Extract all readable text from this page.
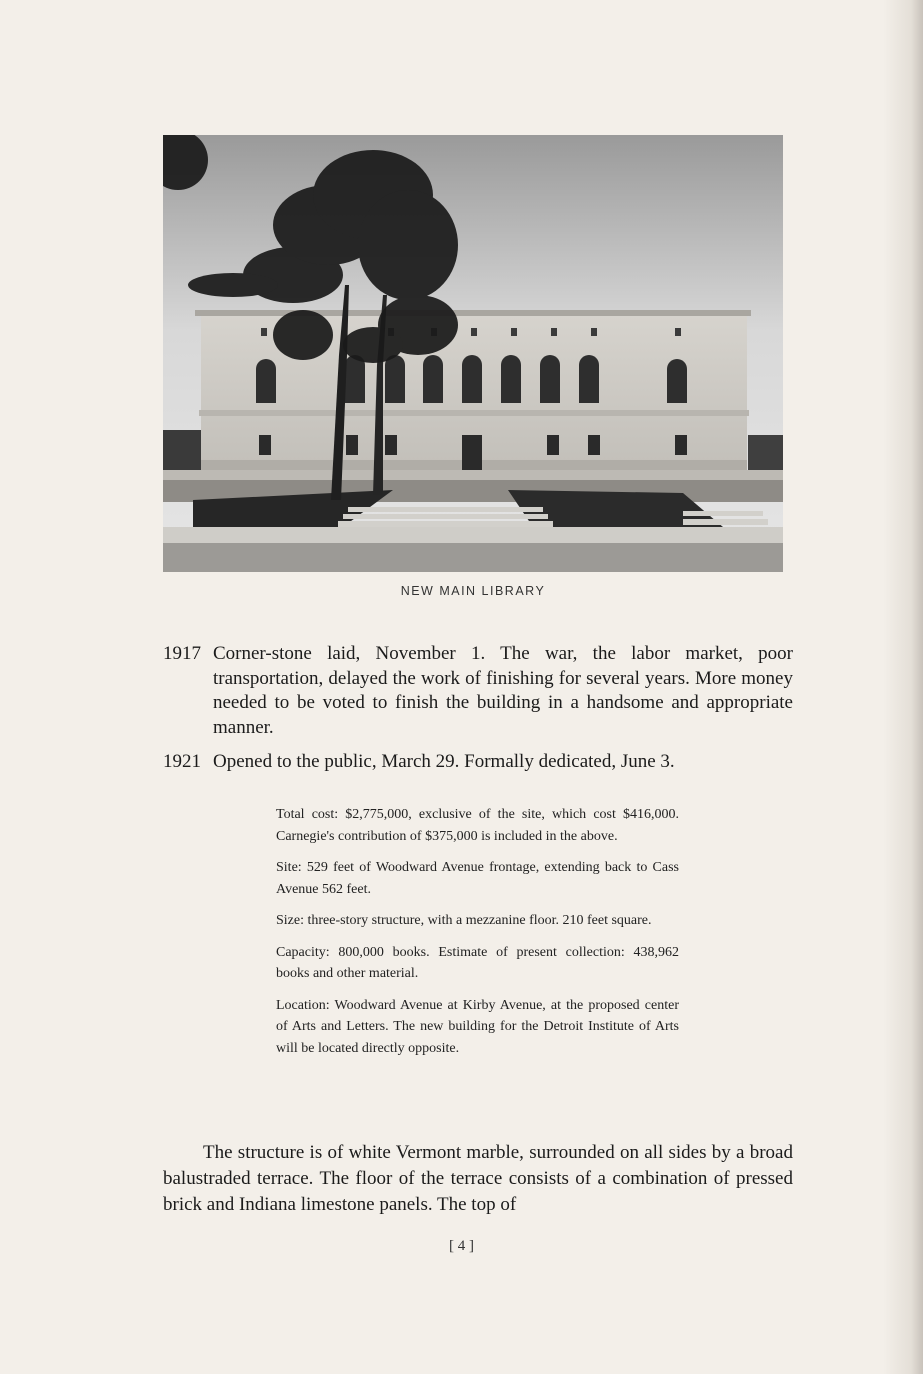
NEW MAIN LIBRARY
1917 Corner-stone laid, November 1. The war, the labor market, poor transportation, delayed the work of finishing for several years. More money needed to be voted to finish the building in a handsome and appropriate manner.
1921 Opened to the public, March 29. Formally dedicated, June 3.

Total cost: $2,775,000, exclusive of the site, which cost $416,000. Carnegie's contribution of $375,000 is included in the above.

Site: 529 feet of Woodward Avenue frontage, extending back to Cass Avenue 562 feet.

Size: three-story structure, with a mezzanine floor. 210 feet square.

Capacity: 800,000 books. Estimate of present collection: 438,962 books and other material.

Location: Woodward Avenue at Kirby Avenue, at the proposed center of Arts and Letters. The new building for the Detroit Institute of Arts will be located directly opposite.

The structure is of white Vermont marble, surrounded on all sides by a broad balustraded terrace. The floor of the terrace consists of a combination of pressed brick and Indiana limestone panels. The top of
[ 4 ]
